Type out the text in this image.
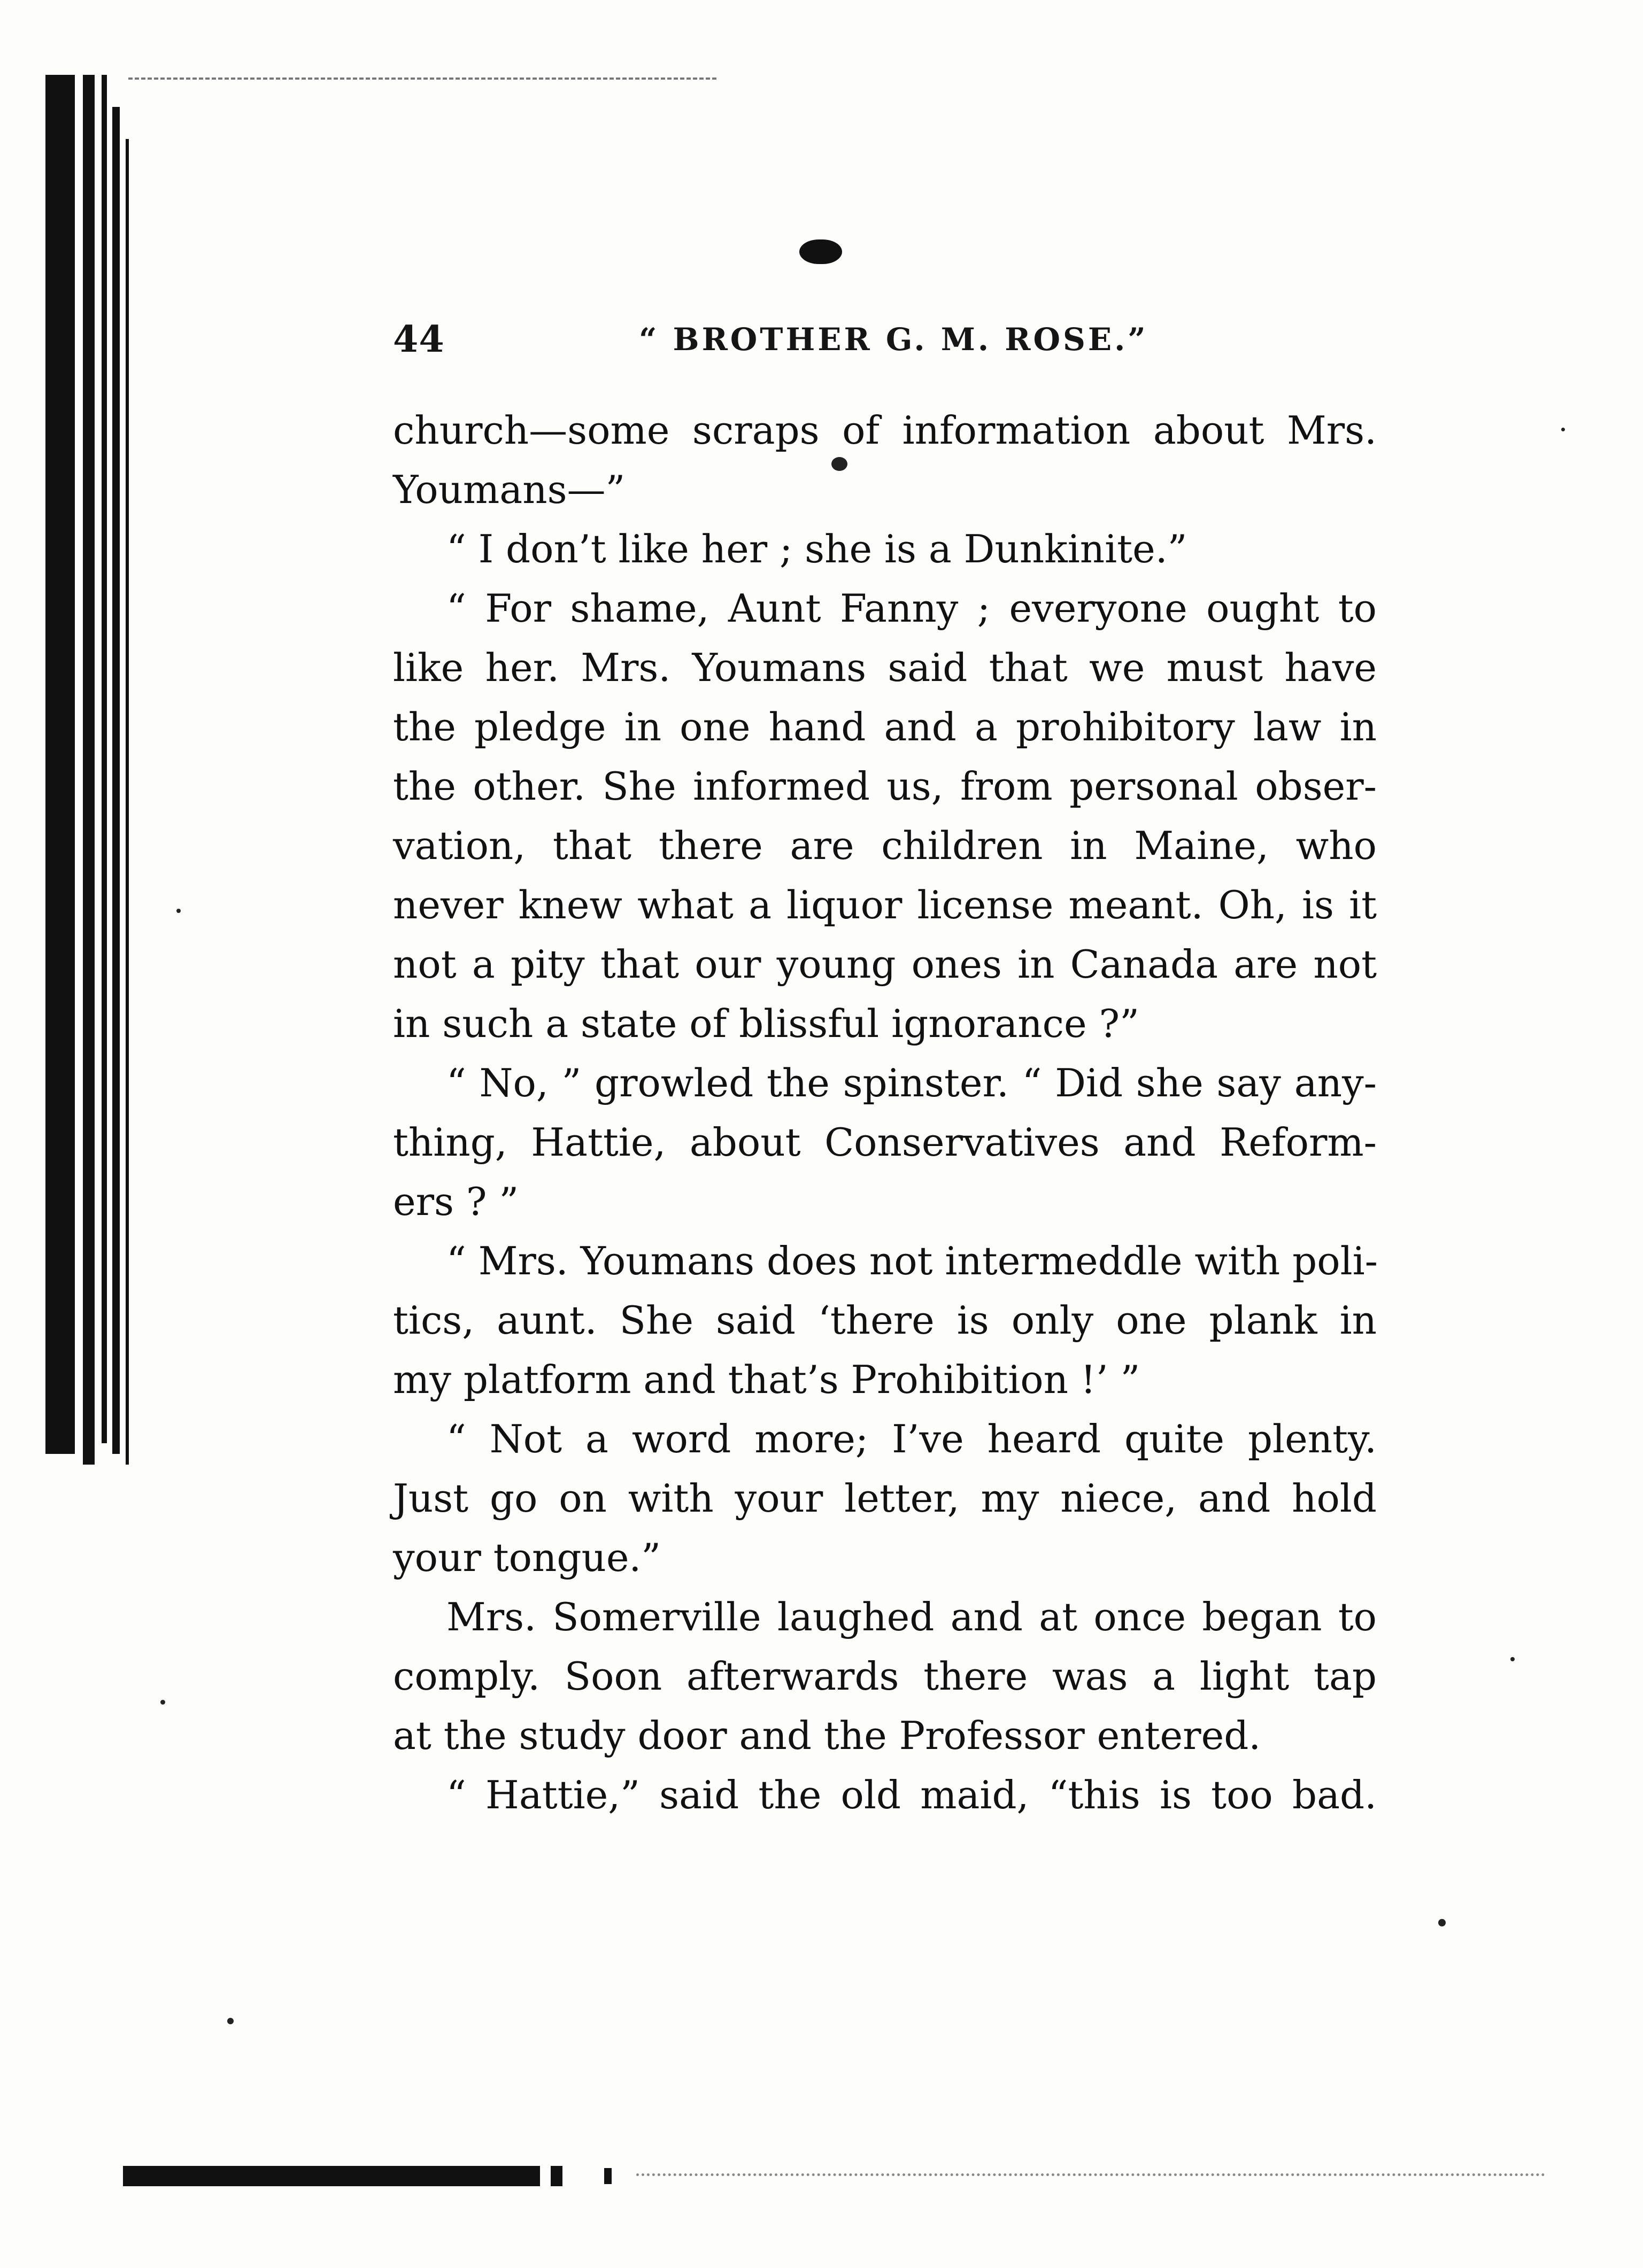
44	“ BROTHER G. M. ROSE.”
church—some scraps of information about Mrs.
Youmans—”
“ I don’t like her ; she is a Dunkinite.”
“ For shame, Aunt Fanny ; everyone ought to
like her. Mrs. Youmans said that we must have
the pledge in one hand and a prohibitory law in
the other. She informed us, from personal obser-
vation, that there are children in Maine, who
never knew what a liquor license meant. Oh, is it
not a pity that our young ones in Canada are not
in such a state of blissful ignorance ?”
“ No, ” growled the spinster. “ Did she say any-
thing, Hattie, about Conservatives and Reform-
ers ? ”
“ Mrs. Youmans does not intermeddle with poli-
tics, aunt. She said ‘there is only one plank in
my platform and that’s Prohibition !’ ”
“ Not a word more; I’ve heard quite plenty.
Just go on with your letter, my niece, and hold
your tongue.”
Mrs. Somerville laughed and at once began to
comply. Soon afterwards there was a light tap
at the study door and the Professor entered.
“ Hattie,” said the old maid, “this is too bad.
